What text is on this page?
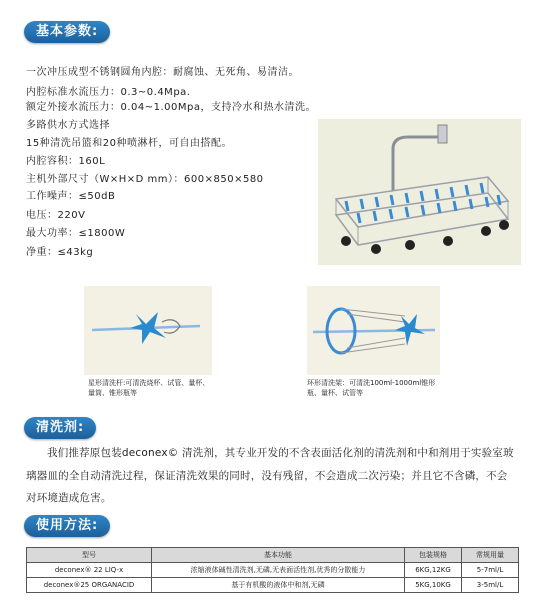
基本参数:
一次冲压成型不锈钢圆角内腔：耐腐蚀、无死角、易清洁。
内腔标准水流压力：0.3~0.4Mpa.
额定外接水流压力：0.04~1.00Mpa，支持冷水和热水清洗。
多路供水方式选择
15种清洗吊篮和20种喷淋杆，可自由搭配。
内腔容积：160L
主机外部尺寸（W×H×D mm）：600×850×580
工作噪声：≤50dB
电压：220V
最大功率：≤1800W
净重：≤43kg
星形清洗杆:可清洗烧杯、试管、量杯、量筒、锥形瓶等
环形清洗架：可清洗100ml-1000ml锥形瓶、量杯、试管等
清洗剂:
我们推荐原包装deconex© 清洗剂，其专业开发的不含表面活化剂的清洗剂和中和剂用于实验室玻璃器皿的全自动清洗过程，保证清洗效果的同时，没有残留，不会造成二次污染；并且它不含磷，不会对环境造成危害。
使用方法:
型号	基本功能	包装规格	常规用量
deconex® 22 LIQ-x	浓缩液体碱性清洗剂,无磷,无表面活性剂,优秀的分散能力	6KG,12KG	5-7ml/L
deconex®25 ORGANACID	基于有机酸的液体中和剂,无磷	5KG,10KG	3-5ml/L
